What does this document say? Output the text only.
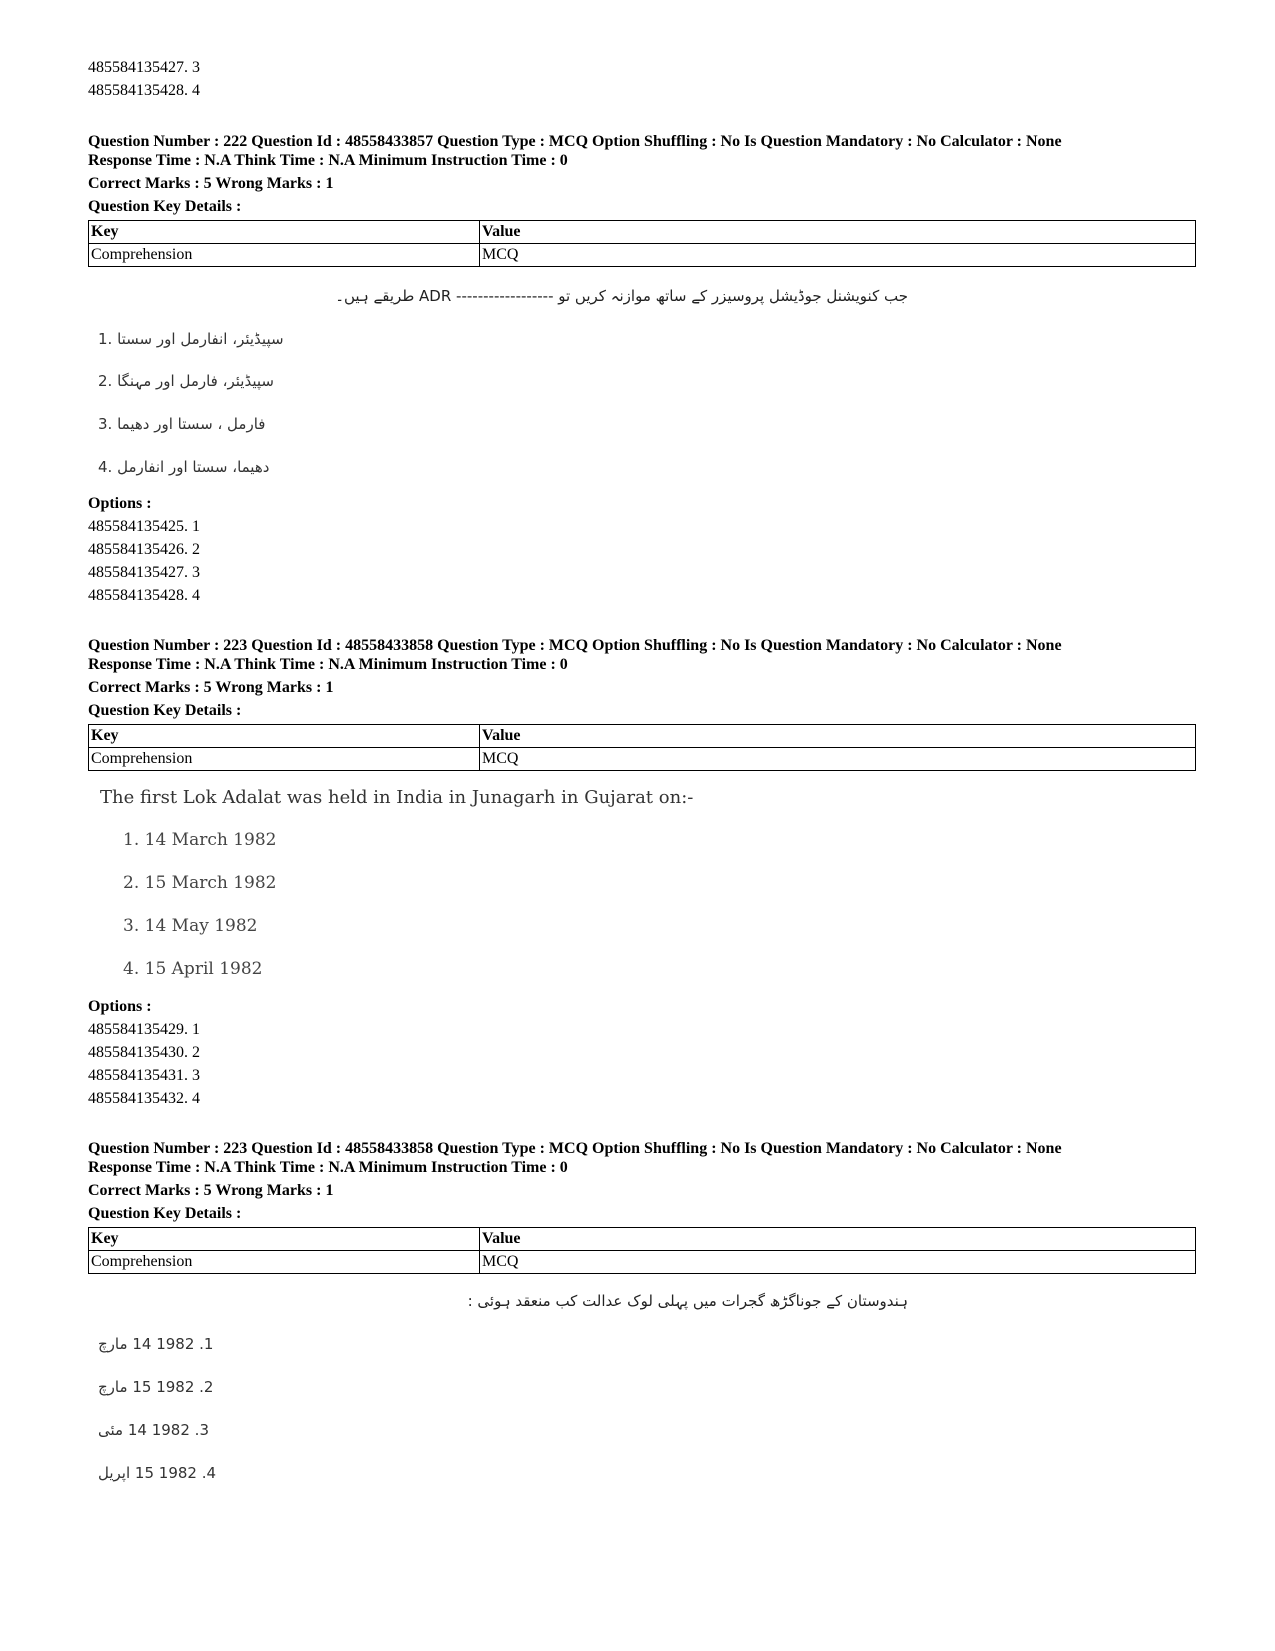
485584135427. 3
485584135428. 4
Question Number : 222 Question Id : 48558433857 Question Type : MCQ Option Shuffling : No Is Question Mandatory : No Calculator : None
Response Time : N.A Think Time : N.A Minimum Instruction Time : 0
Correct Marks : 5 Wrong Marks : 1
Question Key Details :
Key	Value
Comprehension	MCQ
جب کنویشنل جوڈیشل پروسیزر کے ساتھ موازنہ کریں تو ------------------ ADR طریقے ہیں۔
سپیڈیئر، انفارمل اور سستا .1
سپیڈیئر، فارمل اور مہنگا .2
فارمل ، سستا اور دھیما .3
دھیما، سستا اور انفارمل .4
Options :
485584135425. 1
485584135426. 2
485584135427. 3
485584135428. 4
Question Number : 223 Question Id : 48558433858 Question Type : MCQ Option Shuffling : No Is Question Mandatory : No Calculator : None
Response Time : N.A Think Time : N.A Minimum Instruction Time : 0
Correct Marks : 5 Wrong Marks : 1
Question Key Details :
Key	Value
Comprehension	MCQ
The first Lok Adalat was held in India in Junagarh in Gujarat on:-
1. 14 March 1982
2. 15 March 1982
3. 14 May 1982
4. 15 April 1982
Options :
485584135429. 1
485584135430. 2
485584135431. 3
485584135432. 4
Question Number : 223 Question Id : 48558433858 Question Type : MCQ Option Shuffling : No Is Question Mandatory : No Calculator : None
Response Time : N.A Think Time : N.A Minimum Instruction Time : 0
Correct Marks : 5 Wrong Marks : 1
Question Key Details :
Key	Value
Comprehension	MCQ
ہندوستان کے جوناگڑھ گجرات میں پہلی لوک عدالت کب منعقد ہوئی :
1. 1982 14 مارچ
2. 1982 15 مارچ
3. 1982 14 مئی
4. 1982 15 اپریل
